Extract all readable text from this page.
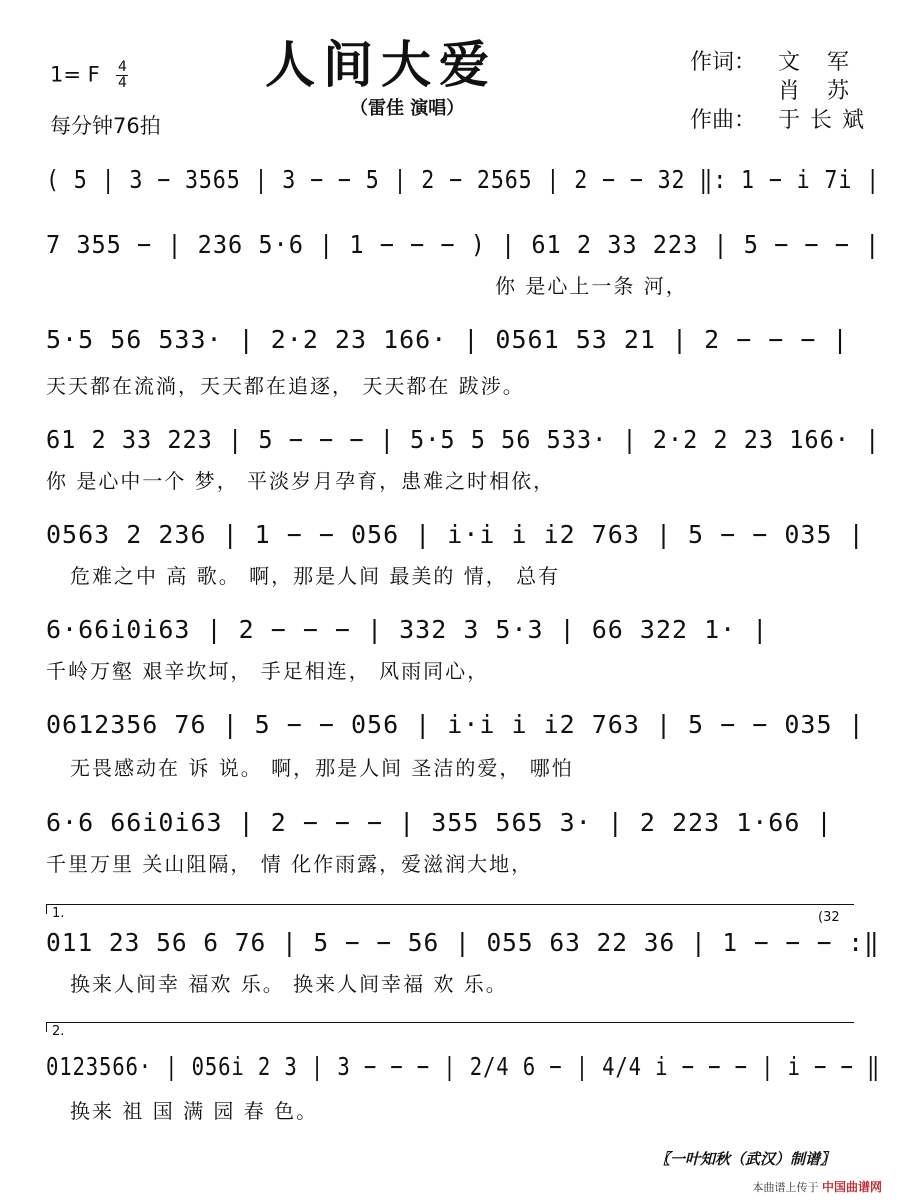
1= F $\frac{4}{4}$
每分钟76拍
人间大爱
（雷佳 演唱）
作词： 文 军
肖 苏
作曲： 于长斌
( 5 | 3 − 3565 | 3 − − 5 | 2 − 2565 | 2 − − 32 ‖: 1 − i 7i |
7 355 − | 236 5·6 | 1 − − − ) | 61 2 33 223 | 5 − − − |
你 是心上一条 河，
5·5 56 533· | 2·2 23 166· | 0561 53 21 | 2 − − − |
天天都在流淌，天天都在追逐， 天天都在 跋涉。
61 2 33 223 | 5 − − − | 5·5 5 56 533· | 2·2 2 23 166· |
你 是心中一个 梦， 平淡岁月孕育，患难之时相依，
0563 2 236 | 1 − − 056 | i·i i i2 763 | 5 − − 035 |
危难之中 高 歌。 啊，那是人间 最美的 情， 总有
6·66i0i63 | 2 − − − | 332 3 5·3 | 66 322 1· |
千岭万壑 艰辛坎坷， 手足相连， 风雨同心，
0612356 76 | 5 − − 056 | i·i i i2 763 | 5 − − 035 |
无畏感动在 诉 说。 啊，那是人间 圣洁的爱， 哪怕
6·6 66i0i63 | 2 − − − | 355 565 3· | 2 223 1·66 |
千里万里 关山阻隔， 情 化作雨露，爱滋润大地，
1.	(32
011 23 56 6 76 | 5 − − 56 | 055 63 22 36 | 1 − − − :‖
换来人间幸 福欢 乐。 换来人间幸福 欢 乐。
2.
0123566· | 056i 2 3 | 3 − − − | 2/4 6 − | 4/4 i − − − | i − − ‖
换来 祖 国 满 园 春 色。
〖一叶知秋（武汉）制谱〗
本曲谱上传于 中国曲谱网
